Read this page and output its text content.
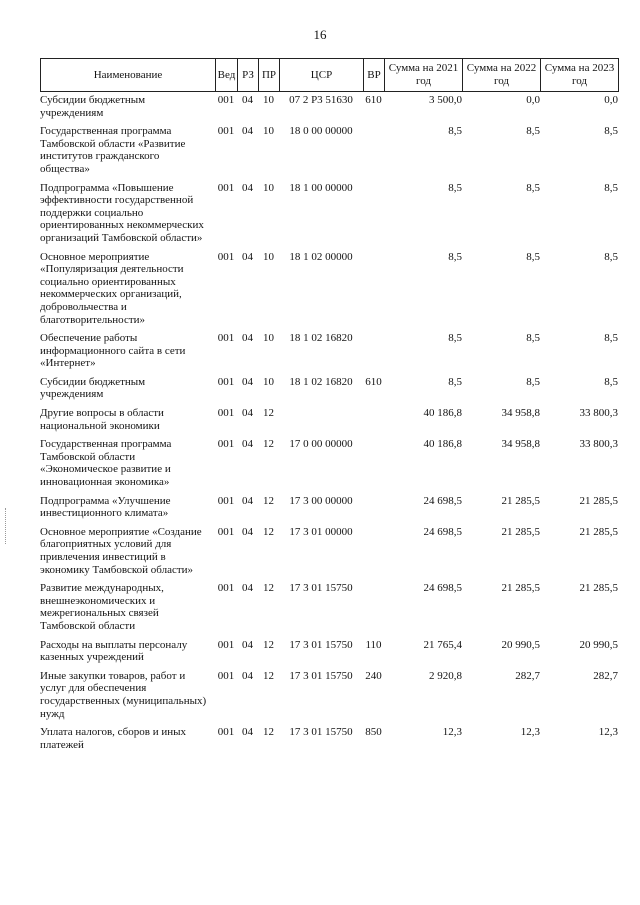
16
Наименование	Вед	РЗ	ПР	ЦСР	ВР	Сумма на 2021 год	Сумма на 2022 год	Сумма на 2023 год
Субсидии бюджетным учреждениям	001	04	10	07 2 Р3 51630	610	3 500,0	0,0	0,0
Государственная программа Тамбовской области «Развитие институтов гражданского общества»	001	04	10	18 0 00 00000		8,5	8,5	8,5
Подпрограмма «Повышение эффективности государственной поддержки социально ориентированных некоммерческих организаций Тамбовской области»	001	04	10	18 1 00 00000		8,5	8,5	8,5
Основное мероприятие «Популяризация деятельности социально ориентированных некоммерческих организаций, добровольчества и благотворительности»	001	04	10	18 1 02 00000		8,5	8,5	8,5
Обеспечение работы информационного сайта в сети «Интернет»	001	04	10	18 1 02 16820		8,5	8,5	8,5
Субсидии бюджетным учреждениям	001	04	10	18 1 02 16820	610	8,5	8,5	8,5
Другие вопросы в области национальной экономики	001	04	12			40 186,8	34 958,8	33 800,3
Государственная программа Тамбовской области «Экономическое развитие и инновационная экономика»	001	04	12	17 0 00 00000		40 186,8	34 958,8	33 800,3
Подпрограмма «Улучшение инвестиционного климата»	001	04	12	17 3 00 00000		24 698,5	21 285,5	21 285,5
Основное мероприятие «Создание благоприятных условий для привлечения инвестиций в экономику Тамбовской области»	001	04	12	17 3 01 00000		24 698,5	21 285,5	21 285,5
Развитие международных, внешнеэкономических и межрегиональных связей Тамбовской области	001	04	12	17 3 01 15750		24 698,5	21 285,5	21 285,5
Расходы на выплаты персоналу казенных учреждений	001	04	12	17 3 01 15750	110	21 765,4	20 990,5	20 990,5
Иные закупки товаров, работ и услуг для обеспечения государственных (муниципальных) нужд	001	04	12	17 3 01 15750	240	2 920,8	282,7	282,7
Уплата налогов, сборов и иных платежей	001	04	12	17 3 01 15750	850	12,3	12,3	12,3
